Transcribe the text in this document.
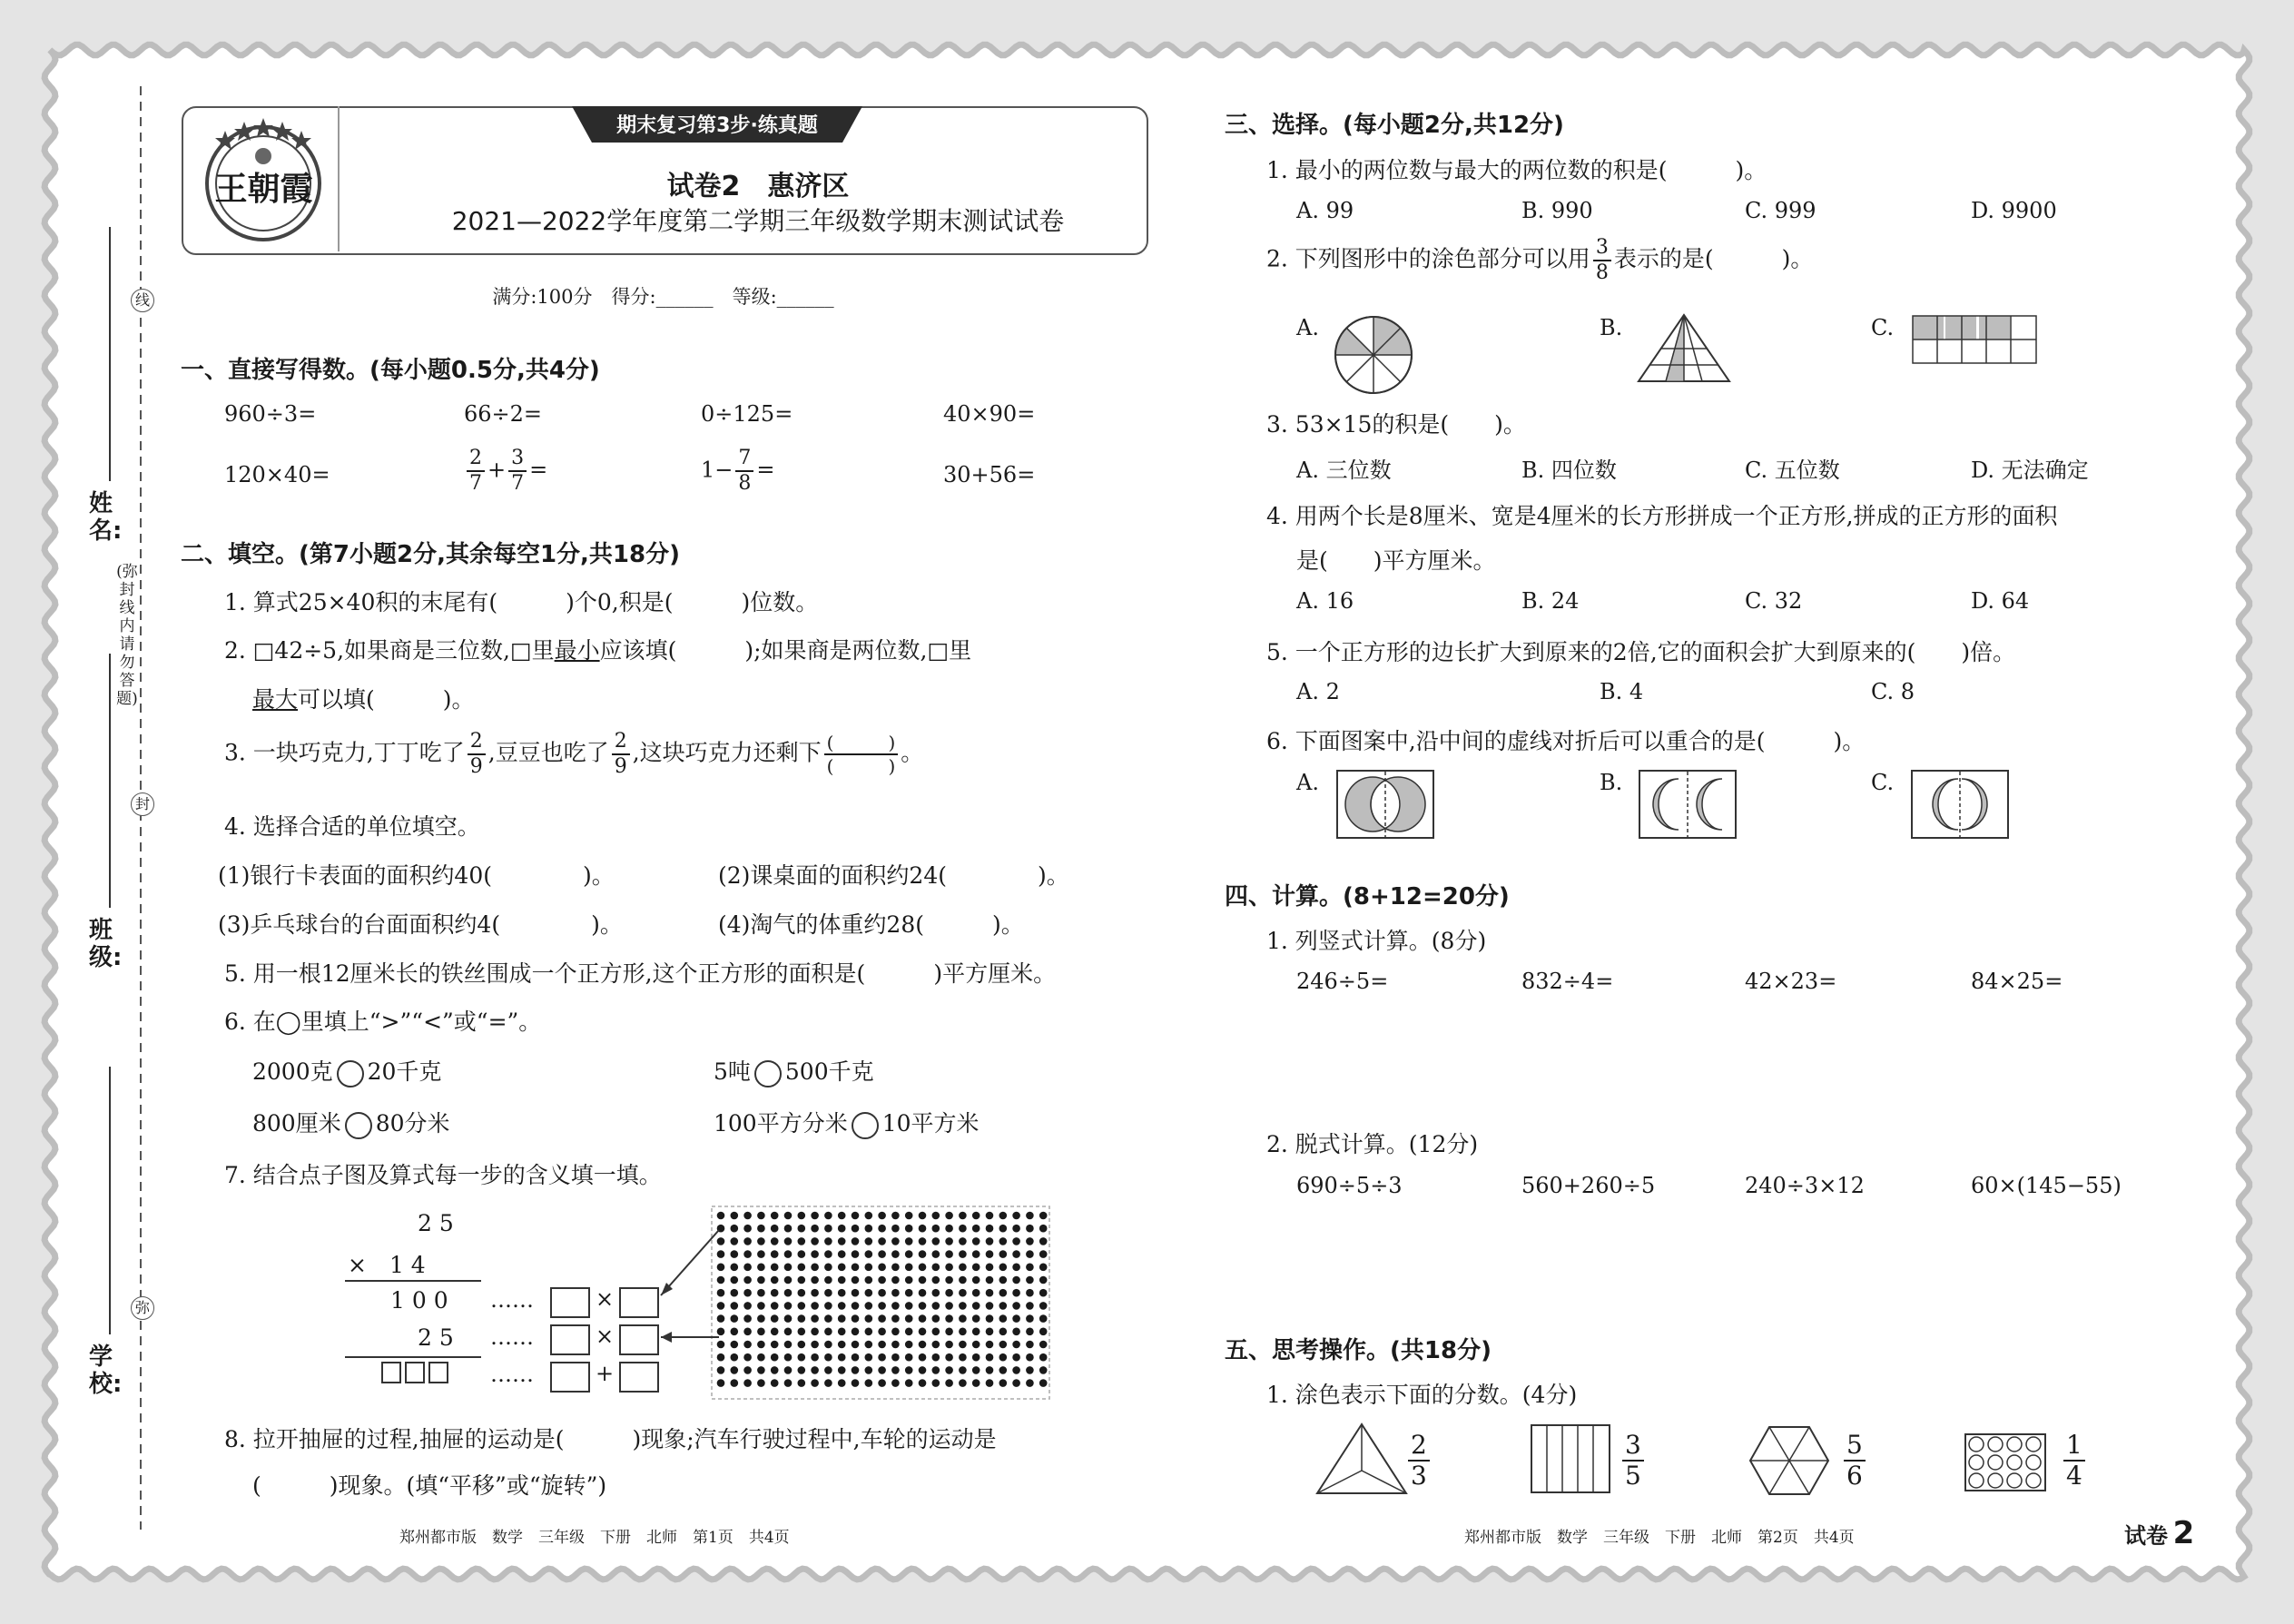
线
封
弥
(弥封线内请勿答题)
姓名:
班级:
学校:
期末复习第3步·练真题
王朝霞	试卷2　惠济区
2021—2022学年度第二学期三年级数学期末测试试卷
满分:100分　得分:______　等级:______
一、直接写得数。(每小题0.5分,共4分)
960÷3=	66÷2=	0÷125=	40×90=
120×40=	$\frac{2}{7} + \frac{3}{7}$ =	$1- \frac{7}{8}$ =	30+56=
二、填空。(第7小题2分,其余每空1分,共18分)
1. 算式25×40积的末尾有(　　　)个0,积是(　　　)位数。
2. □42÷5,如果商是三位数,□里最小应该填(　　　);如果商是两位数,□里
最大可以填(　　　)。
3. 一块巧克力,丁丁吃了 $\frac{2}{9}$ ,豆豆也吃了 $\frac{2}{9}$ ,这块巧克力还剩下 $\frac{( )}{( )}$ 。
4. 选择合适的单位填空。
(1)银行卡表面的面积约40(　　　　)。	(2)课桌面的面积约24(　　　　)。
(3)乒乓球台的台面面积约4(　　　　)。	(4)淘气的体重约28(　　　)。
5. 用一根12厘米长的铁丝围成一个正方形,这个正方形的面积是(　　　)平方厘米。
6. 在◯里填上“>”“<”或“=”。
2000克 20千克	5吨 500千克
800厘米 80分米	100平方分米 10平方米
7. 结合点子图及算式每一步的含义填一填。
2 5
×　1 4
1 0 0
2 5
……
……
……
×
×
+
8. 拉开抽屉的过程,抽屉的运动是(　　　)现象;汽车行驶过程中,车轮的运动是
(　　　)现象。(填“平移”或“旋转”)
郑州都市版　数学　三年级　下册　北师　第1页　共4页
三、选择。(每小题2分,共12分)
1. 最小的两位数与最大的两位数的积是(　　　)。
A. 99	B. 990	C. 999	D. 9900
2. 下列图形中的涂色部分可以用 $\frac{3}{8}$ 表示的是(　　　)。
A.	B.	C.
3. 53×15的积是(　　)。
A. 三位数	B. 四位数	C. 五位数	D. 无法确定
4. 用两个长是8厘米、宽是4厘米的长方形拼成一个正方形,拼成的正方形的面积
是(　　)平方厘米。
A. 16	B. 24	C. 32	D. 64
5. 一个正方形的边长扩大到原来的2倍,它的面积会扩大到原来的(　　)倍。
A. 2	B. 4	C. 8
6. 下面图案中,沿中间的虚线对折后可以重合的是(　　　)。
A.	B.	C.
四、计算。(8+12=20分)
1. 列竖式计算。(8分)
246÷5=	832÷4=	42×23=	84×25=
2. 脱式计算。(12分)
690÷5÷3	560+260÷5	240÷3×12	60×(145−55)
五、思考操作。(共18分)
1. 涂色表示下面的分数。(4分)
$\frac{2}{3}$	$\frac{3}{5}$	$\frac{5}{6}$	$\frac{1}{4}$
郑州都市版　数学　三年级　下册　北师　第2页　共4页	试卷 2
